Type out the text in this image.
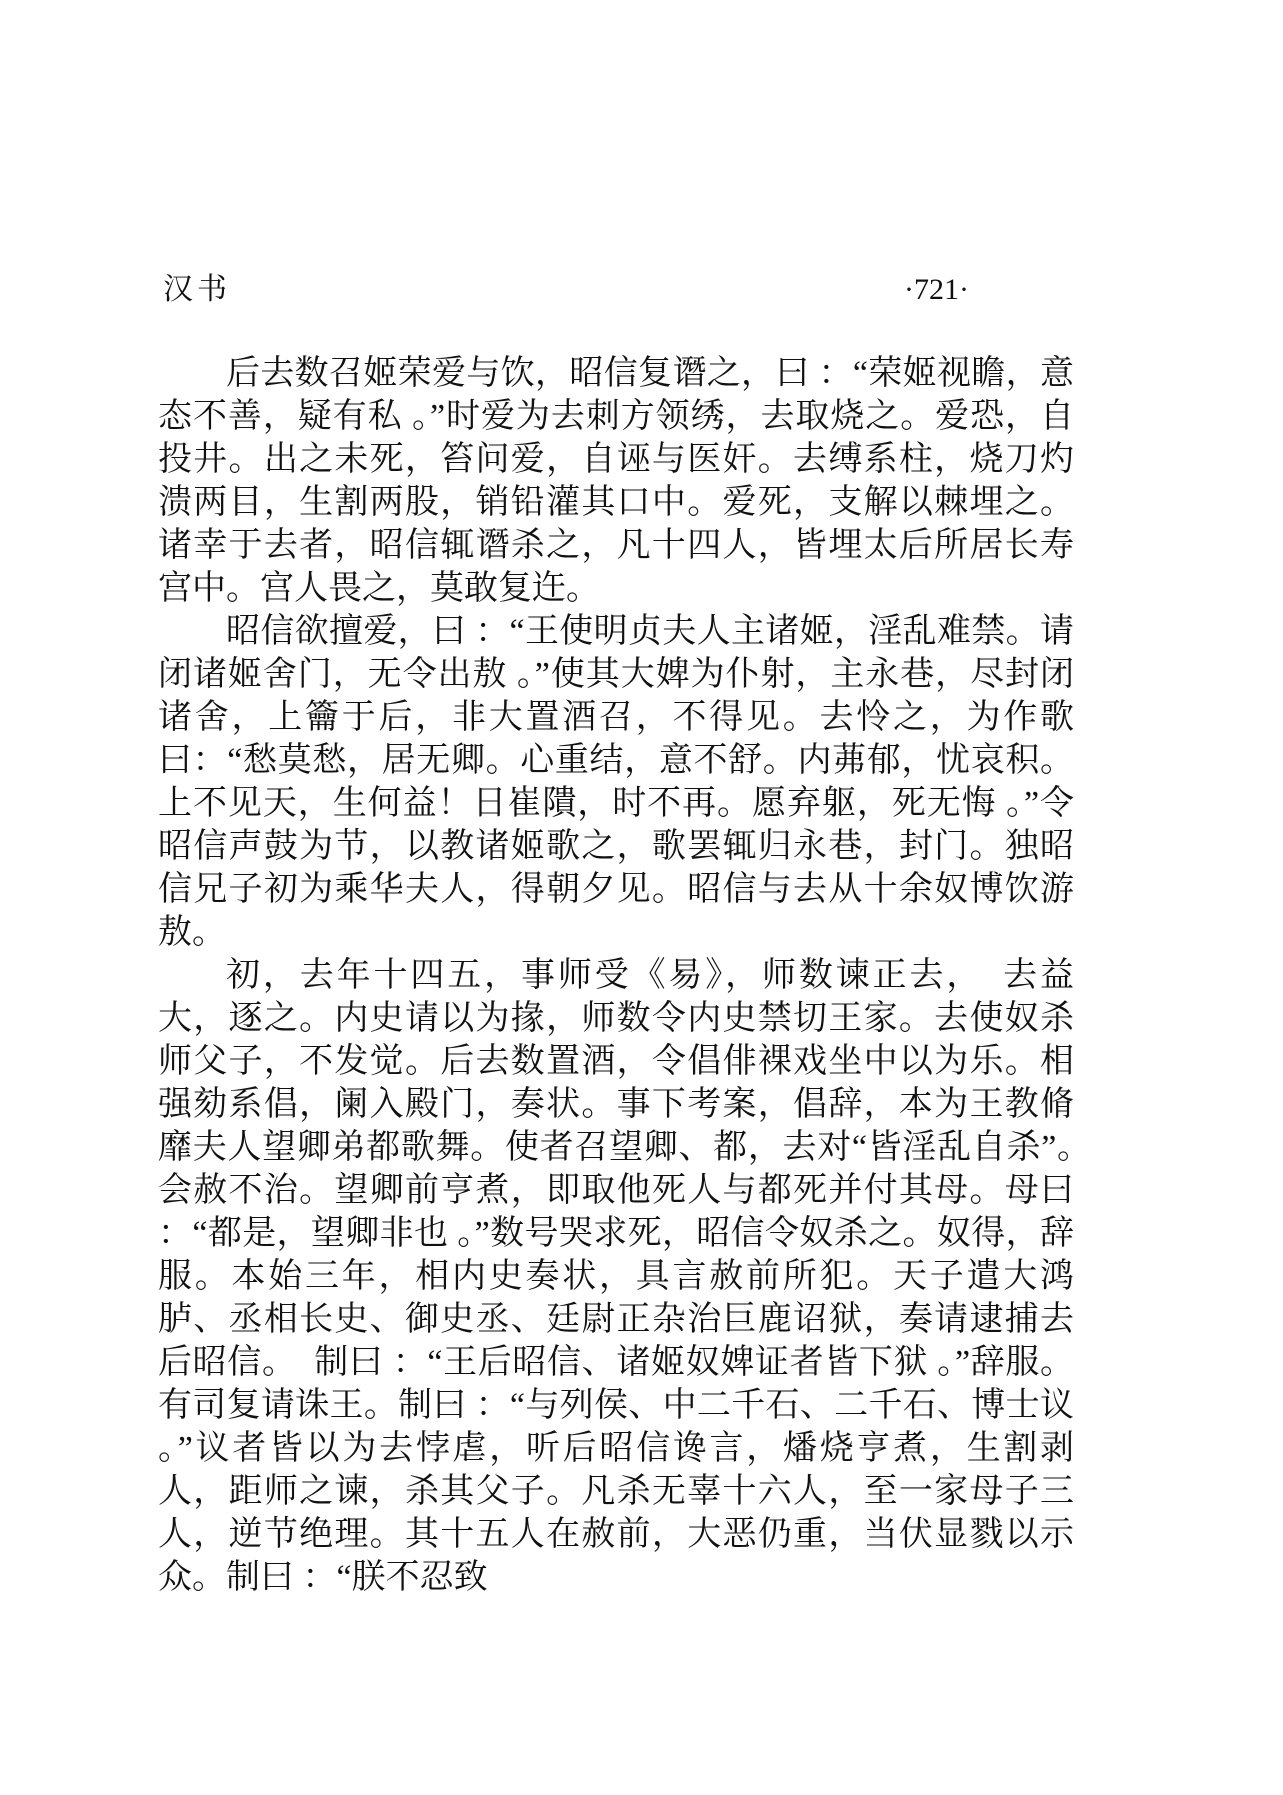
汉书	·721·

后去数召姬荣爱与饮，昭信复谮之，曰 ：“荣姬视瞻，意态不善，疑有私 。”时爱为去刺方领绣，去取烧之。爱恐，自投井。出之未死，笞问爱，自诬与医奸。去缚系柱，烧刀灼溃两目，生割两股，销铅灌其口中。爱死，支解以棘埋之。诸幸于去者，昭信辄谮杀之，凡十四人，皆埋太后所居长寿宫中。宫人畏之，莫敢复迕。

昭信欲擅爱，曰 ：“王使明贞夫人主诸姬，淫乱难禁。请闭诸姬舍门，无令出敖 。”使其大婢为仆射，主永巷，尽封闭诸舍，上籥于后，非大置酒召，不得见。去怜之，为作歌曰：“愁莫愁，居无卿。心重结，意不舒。内茀郁，忧哀积。上不见天，生何益！日崔隤，时不再。愿弃躯，死无悔 。”令昭信声鼓为节，以教诸姬歌之，歌罢辄归永巷，封门。独昭信兄子初为乘华夫人，得朝夕见。昭信与去从十余奴博饮游敖。

初，去年十四五，事师受《易》，师数谏正去，　去益大，逐之。内史请以为掾，师数令内史禁切王家。去使奴杀师父子，不发觉。后去数置酒，令倡俳裸戏坐中以为乐。相强劾系倡，阑入殿门，奏状。事下考案，倡辞，本为王教脩靡夫人望卿弟都歌舞。使者召望卿、都，去对“皆淫乱自杀”。　会赦不治。望卿前亨煮，即取他死人与都死并付其母。母曰 ：“都是，望卿非也 。”数号哭求死，昭信令奴杀之。奴得，辞服。本始三年，相内史奏状，具言赦前所犯。天子遣大鸿胪、丞相长史、御史丞、廷尉正杂治巨鹿诏狱，奏请逮捕去后昭信。　制曰 ：“王后昭信、诸姬奴婢证者皆下狱 。”辞服。有司复请诛王。制曰 ：“与列侯、中二千石、二千石、博士议 。”议者皆以为去悖虐，听后昭信谗言，燔烧亨煮，生割剥人，距师之谏，杀其父子。凡杀无辜十六人，至一家母子三人，逆节绝理。其十五人在赦前，大恶仍重，当伏显戮以示众。制曰 ：“朕不忍致
